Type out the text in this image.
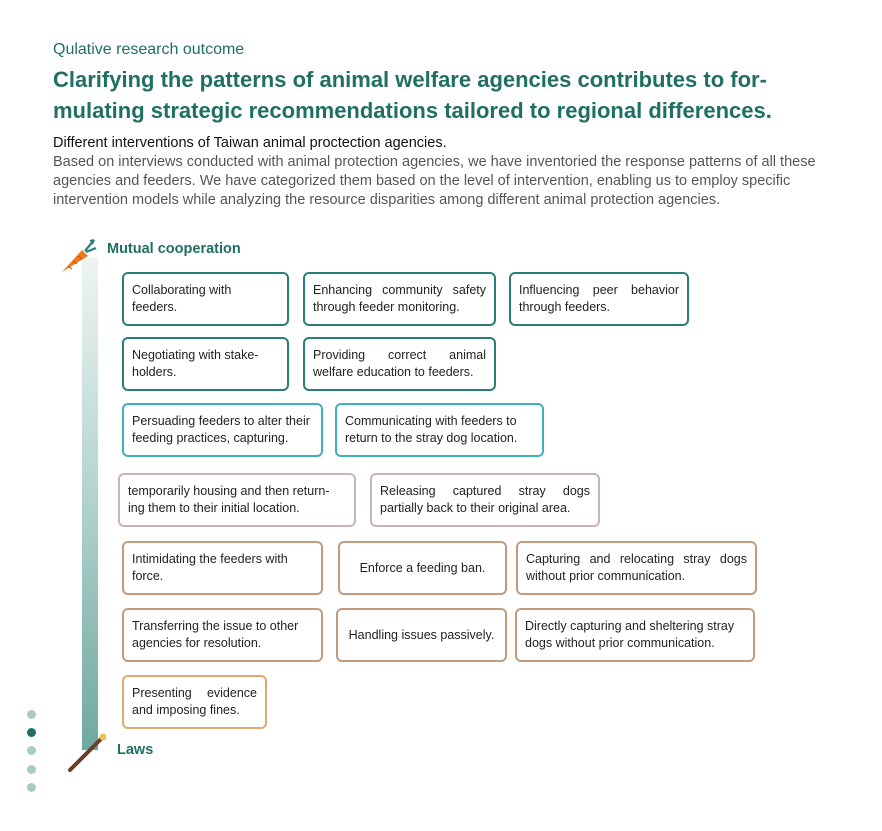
Qulative research outcome
Clarifying the patterns of animal welfare agencies contributes to for-mulating strategic recommendations tailored to regional differences.
Different interventions of Taiwan animal proctection agencies.
Based on interviews conducted with animal protection agencies, we have inventoried the response patterns of all these agencies and feeders. We have categorized them based on the level of intervention, enabling us to employ specific intervention models while analyzing the resource disparities among different animal protection agencies.
Mutual cooperation
Laws
Collaborating with feeders.
Enhancing community safety through feeder monitoring.
Influencing peer behavior through feeders.
Negotiating with stake-holders.
Providing correct animal welfare education to feeders.
Persuading feeders to alter their feeding practices, capturing.
Communicating with feeders to return to the stray dog location.
temporarily housing and then return-ing them to their initial location.
Releasing captured stray dogs partially back to their original area.
Intimidating the feeders with force.
Enforce a feeding ban.
Capturing and relocating stray dogs without prior communication.
Transferring the issue to other agencies for resolution.
Handling issues passively.
Directly capturing and sheltering stray dogs without prior communication.
Presenting evidence and imposing fines.
